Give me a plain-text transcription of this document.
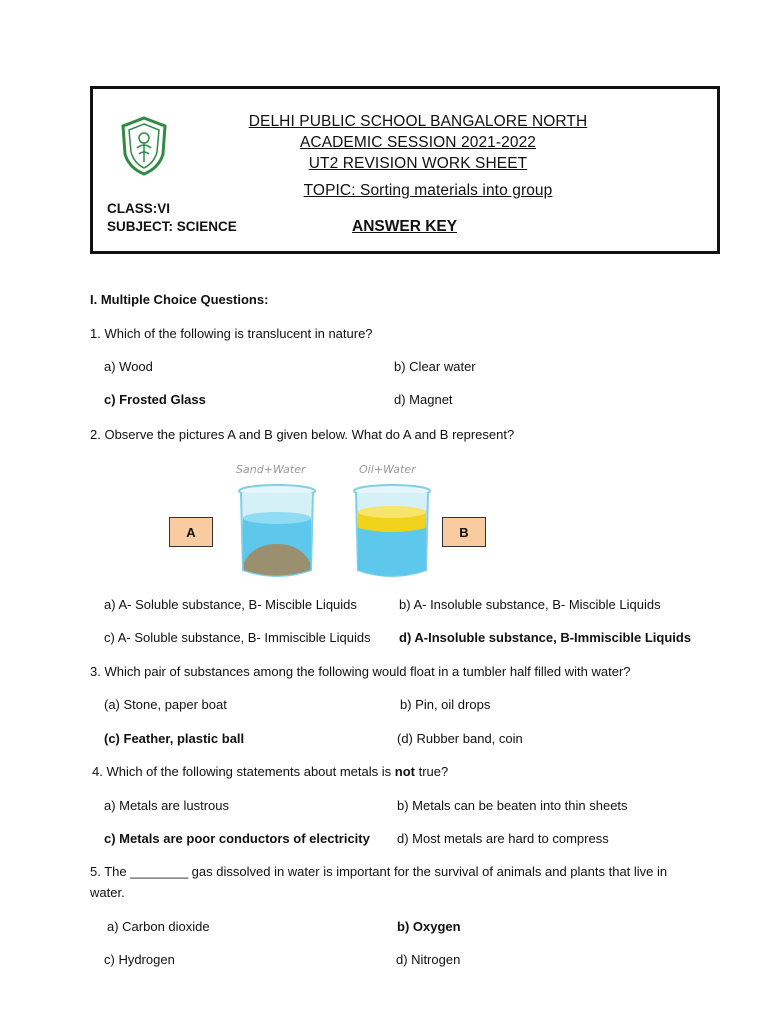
DELHI PUBLIC SCHOOL BANGALORE NORTH
ACADEMIC SESSION 2021-2022
UT2 REVISION WORK SHEET
TOPIC: Sorting materials into group
CLASS:VI
SUBJECT: SCIENCE	ANSWER KEY
I. Multiple Choice Questions:
1. Which of the following is translucent in nature?
a) Wood	b) Clear water
c) Frosted Glass	d) Magnet
2. Observe the pictures A and B given below. What do A and B represent?
Sand+Water	Oil+Water
A	B
a) A- Soluble substance, B- Miscible Liquids	b) A- Insoluble substance, B- Miscible Liquids
c) A- Soluble substance, B- Immiscible Liquids d) A-Insoluble substance, B-Immiscible Liquids
3. Which pair of substances among the following would float in a tumbler half filled with water?
(a) Stone, paper boat	b) Pin, oil drops
(c) Feather, plastic ball	(d) Rubber band, coin
4. Which of the following statements about metals is not true?
a) Metals are lustrous	b) Metals can be beaten into thin sheets
c) Metals are poor conductors of electricity d) Most metals are hard to compress
5. The ________ gas dissolved in water is important for the survival of animals and plants that live in
water.
a) Carbon dioxide	b) Oxygen
c) Hydrogen	d) Nitrogen
